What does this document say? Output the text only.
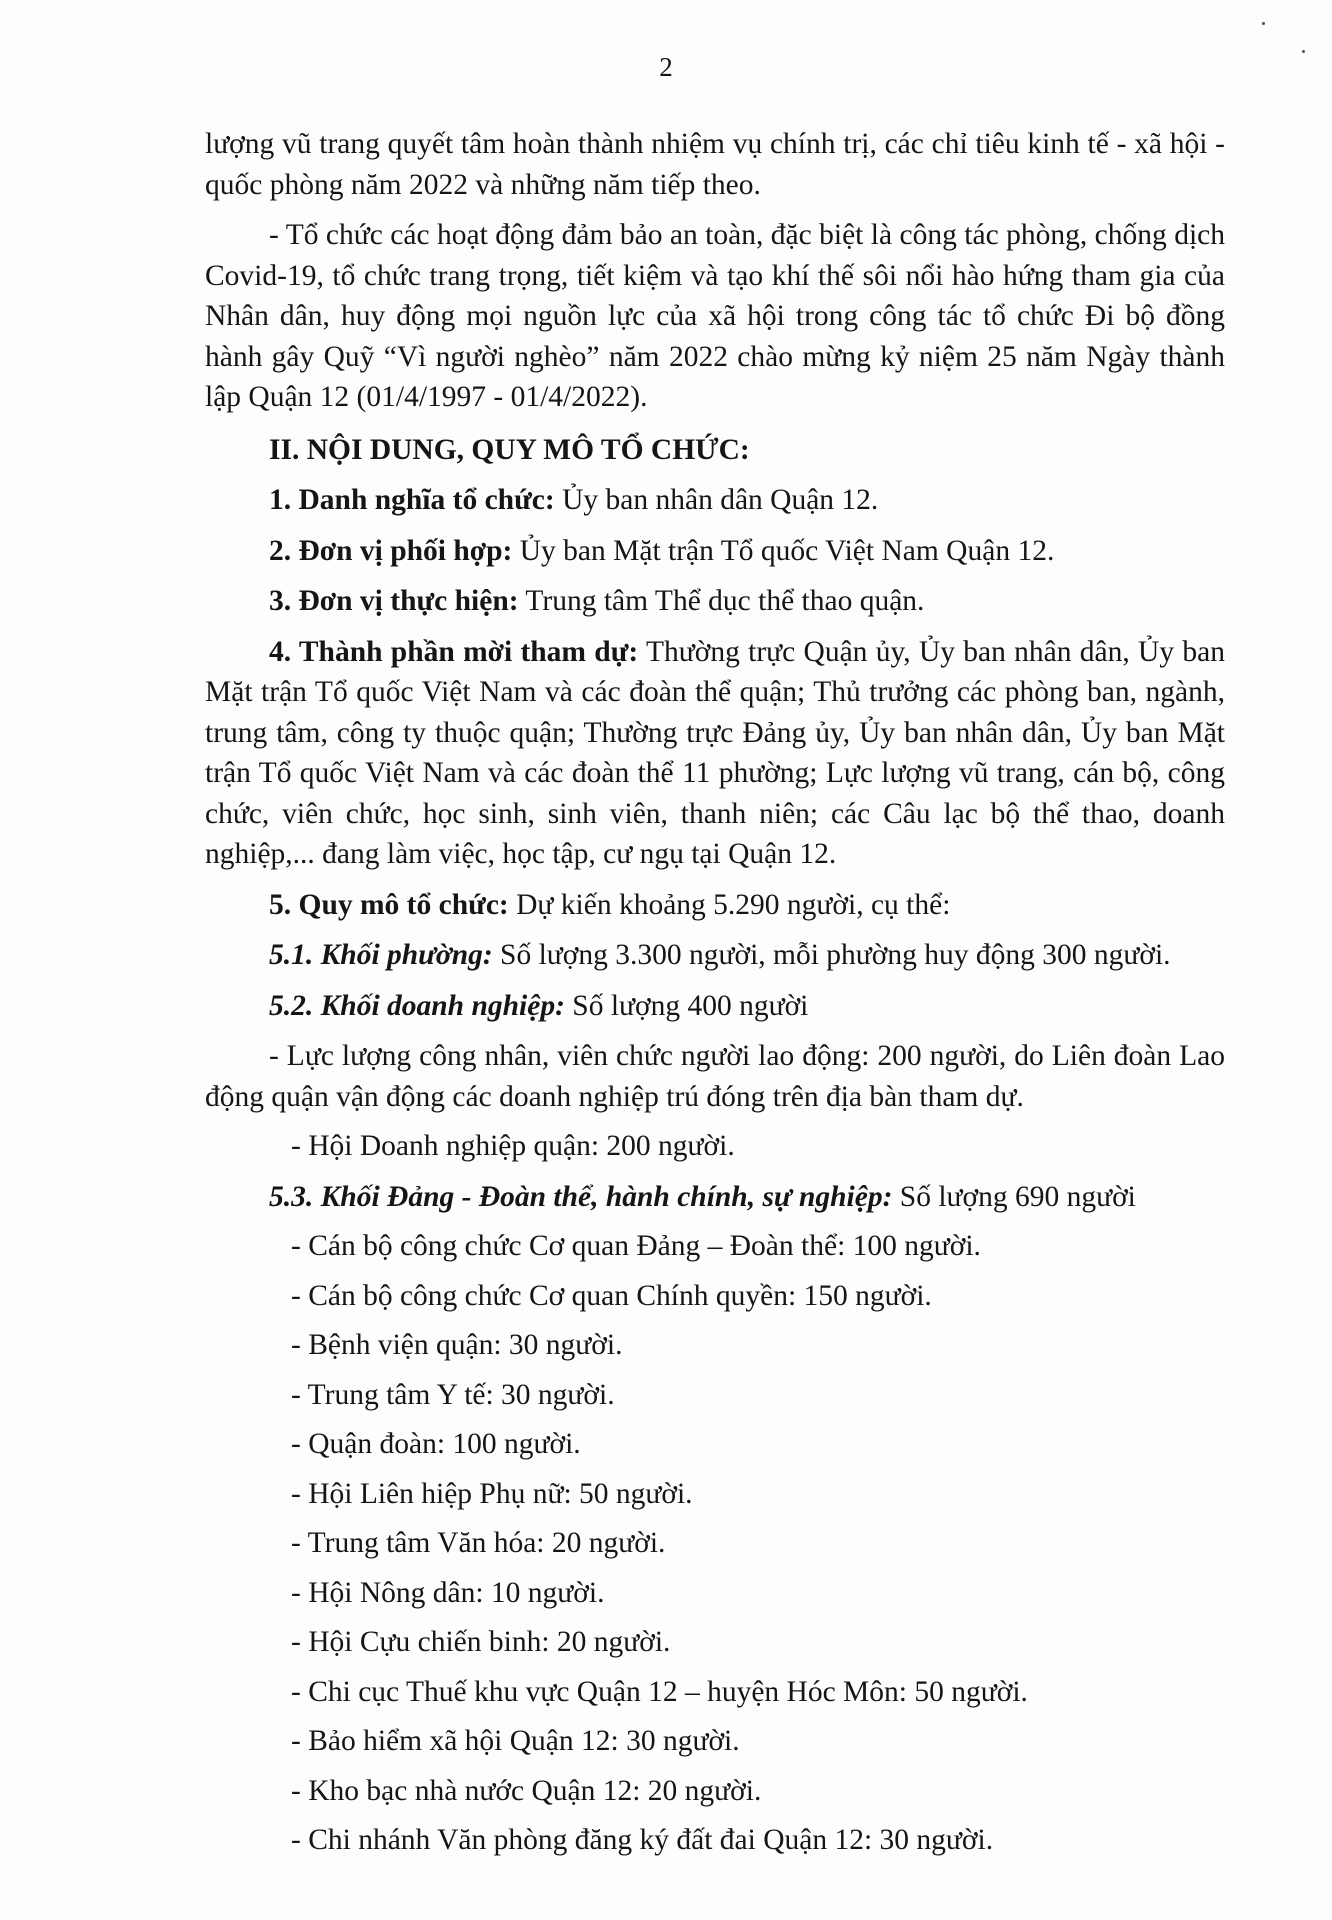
2

lượng vũ trang quyết tâm hoàn thành nhiệm vụ chính trị, các chỉ tiêu kinh tế - xã hội - quốc phòng năm 2022 và những năm tiếp theo.

- Tổ chức các hoạt động đảm bảo an toàn, đặc biệt là công tác phòng, chống dịch Covid-19, tổ chức trang trọng, tiết kiệm và tạo khí thế sôi nổi hào hứng tham gia của Nhân dân, huy động mọi nguồn lực của xã hội trong công tác tổ chức Đi bộ đồng hành gây Quỹ “Vì người nghèo” năm 2022 chào mừng kỷ niệm 25 năm Ngày thành lập Quận 12 (01/4/1997 - 01/4/2022).

II. NỘI DUNG, QUY MÔ TỔ CHỨC:

1. Danh nghĩa tổ chức: Ủy ban nhân dân Quận 12.

2. Đơn vị phối hợp: Ủy ban Mặt trận Tổ quốc Việt Nam Quận 12.

3. Đơn vị thực hiện: Trung tâm Thể dục thể thao quận.

4. Thành phần mời tham dự: Thường trực Quận ủy, Ủy ban nhân dân, Ủy ban Mặt trận Tổ quốc Việt Nam và các đoàn thể quận; Thủ trưởng các phòng ban, ngành, trung tâm, công ty thuộc quận; Thường trực Đảng ủy, Ủy ban nhân dân, Ủy ban Mặt trận Tổ quốc Việt Nam và các đoàn thể 11 phường; Lực lượng vũ trang, cán bộ, công chức, viên chức, học sinh, sinh viên, thanh niên; các Câu lạc bộ thể thao, doanh nghiệp,... đang làm việc, học tập, cư ngụ tại Quận 12.

5. Quy mô tổ chức: Dự kiến khoảng 5.290 người, cụ thể:

5.1. Khối phường: Số lượng 3.300 người, mỗi phường huy động 300 người.

5.2. Khối doanh nghiệp: Số lượng 400 người

- Lực lượng công nhân, viên chức người lao động: 200 người, do Liên đoàn Lao động quận vận động các doanh nghiệp trú đóng trên địa bàn tham dự.

- Hội Doanh nghiệp quận: 200 người.

5.3. Khối Đảng - Đoàn thể, hành chính, sự nghiệp: Số lượng 690 người

- Cán bộ công chức Cơ quan Đảng – Đoàn thể: 100 người.

- Cán bộ công chức Cơ quan Chính quyền: 150 người.

- Bệnh viện quận: 30 người.

- Trung tâm Y tế: 30 người.

- Quận đoàn: 100 người.

- Hội Liên hiệp Phụ nữ: 50 người.

- Trung tâm Văn hóa: 20 người.

- Hội Nông dân: 10 người.

- Hội Cựu chiến binh: 20 người.

- Chi cục Thuế khu vực Quận 12 – huyện Hóc Môn: 50 người.

- Bảo hiểm xã hội Quận 12: 30 người.

- Kho bạc nhà nước Quận 12: 20 người.

- Chi nhánh Văn phòng đăng ký đất đai Quận 12: 30 người.
